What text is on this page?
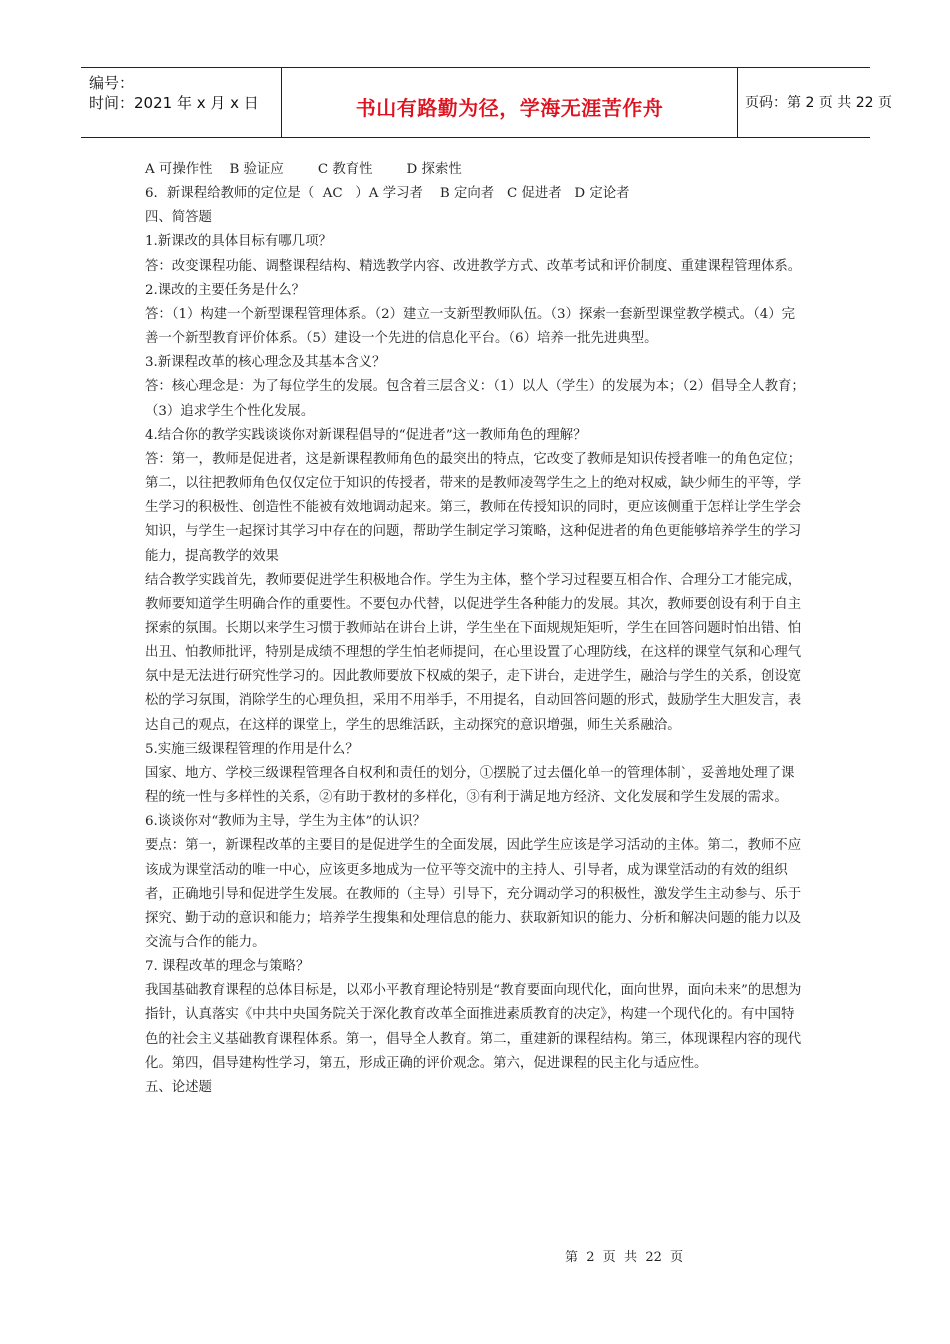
编号：
时间：2021 年 x 月 x 日	书山有路勤为径，学海无涯苦作舟	页码：第 2 页 共 22 页

A 可操作性    B 验证应        C 教育性        D 探索性

6．新课程给教师的定位是（  AC   ）A 学习者    B 定向者   C 促进者   D 定论者

四、简答题

1.新课改的具体目标有哪几项？

答：改变课程功能、调整课程结构、精选教学内容、改进教学方式、改革考试和评价制度、重建课程管理体系。

2.课改的主要任务是什么？

答：（1）构建一个新型课程管理体系。（2）建立一支新型教师队伍。（3）探索一套新型课堂教学模式。（4）完善一个新型教育评价体系。（5）建设一个先进的信息化平台。（6）培养一批先进典型。

3.新课程改革的核心理念及其基本含义？

答：核心理念是：为了每位学生的发展。包含着三层含义：（1）以人（学生）的发展为本；（2）倡导全人教育；（3）追求学生个性化发展。

4.结合你的教学实践谈谈你对新课程倡导的“促进者”这一教师角色的理解？

答：第一，教师是促进者，这是新课程教师角色的最突出的特点，它改变了教师是知识传授者唯一的角色定位；第二，以往把教师角色仅仅定位于知识的传授者，带来的是教师凌驾学生之上的绝对权威，缺少师生的平等，学生学习的积极性、创造性不能被有效地调动起来。第三，教师在传授知识的同时，更应该侧重于怎样让学生学会知识，与学生一起探讨其学习中存在的问题，帮助学生制定学习策略，这种促进者的角色更能够培养学生的学习能力，提高教学的效果

结合教学实践首先，教师要促进学生积极地合作。学生为主体，整个学习过程要互相合作、合理分工才能完成，教师要知道学生明确合作的重要性。不要包办代替，以促进学生各种能力的发展。其次，教师要创设有利于自主探索的氛围。长期以来学生习惯于教师站在讲台上讲，学生坐在下面规规矩矩听，学生在回答问题时怕出错、怕出丑、怕教师批评，特别是成绩不理想的学生怕老师提问，在心里设置了心理防线，在这样的课堂气氛和心理气氛中是无法进行研究性学习的。因此教师要放下权威的架子，走下讲台，走进学生，融洽与学生的关系，创设宽松的学习氛围，消除学生的心理负担，采用不用举手，不用提名，自动回答问题的形式，鼓励学生大胆发言，表达自己的观点，在这样的课堂上，学生的思维活跃，主动探究的意识增强，师生关系融洽。

5.实施三级课程管理的作用是什么？

国家、地方、学校三级课程管理各自权利和责任的划分，①摆脱了过去僵化单一的管理体制`，妥善地处理了课程的统一性与多样性的关系，②有助于教材的多样化，③有利于满足地方经济、文化发展和学生发展的需求。

6.谈谈你对“教师为主导，学生为主体”的认识？

要点：第一，新课程改革的主要目的是促进学生的全面发展，因此学生应该是学习活动的主体。第二，教师不应该成为课堂活动的唯一中心，应该更多地成为一位平等交流中的主持人、引导者，成为课堂活动的有效的组织者，正确地引导和促进学生发展。在教师的（主导）引导下，充分调动学习的积极性，激发学生主动参与、乐于探究、勤于动的意识和能力；培养学生搜集和处理信息的能力、获取新知识的能力、分析和解决问题的能力以及交流与合作的能力。

7. 课程改革的理念与策略？

我国基础教育课程的总体目标是，以邓小平教育理论特别是“教育要面向现代化，面向世界，面向未来”的思想为指针，认真落实《中共中央国务院关于深化教育改革全面推进素质教育的决定》，构建一个现代化的。有中国特色的社会主义基础教育课程体系。第一，倡导全人教育。第二，重建新的课程结构。第三，体现课程内容的现代化。第四，倡导建构性学习，第五，形成正确的评价观念。第六，促进课程的民主化与适应性。

五、论述题

第  2  页  共  22  页
